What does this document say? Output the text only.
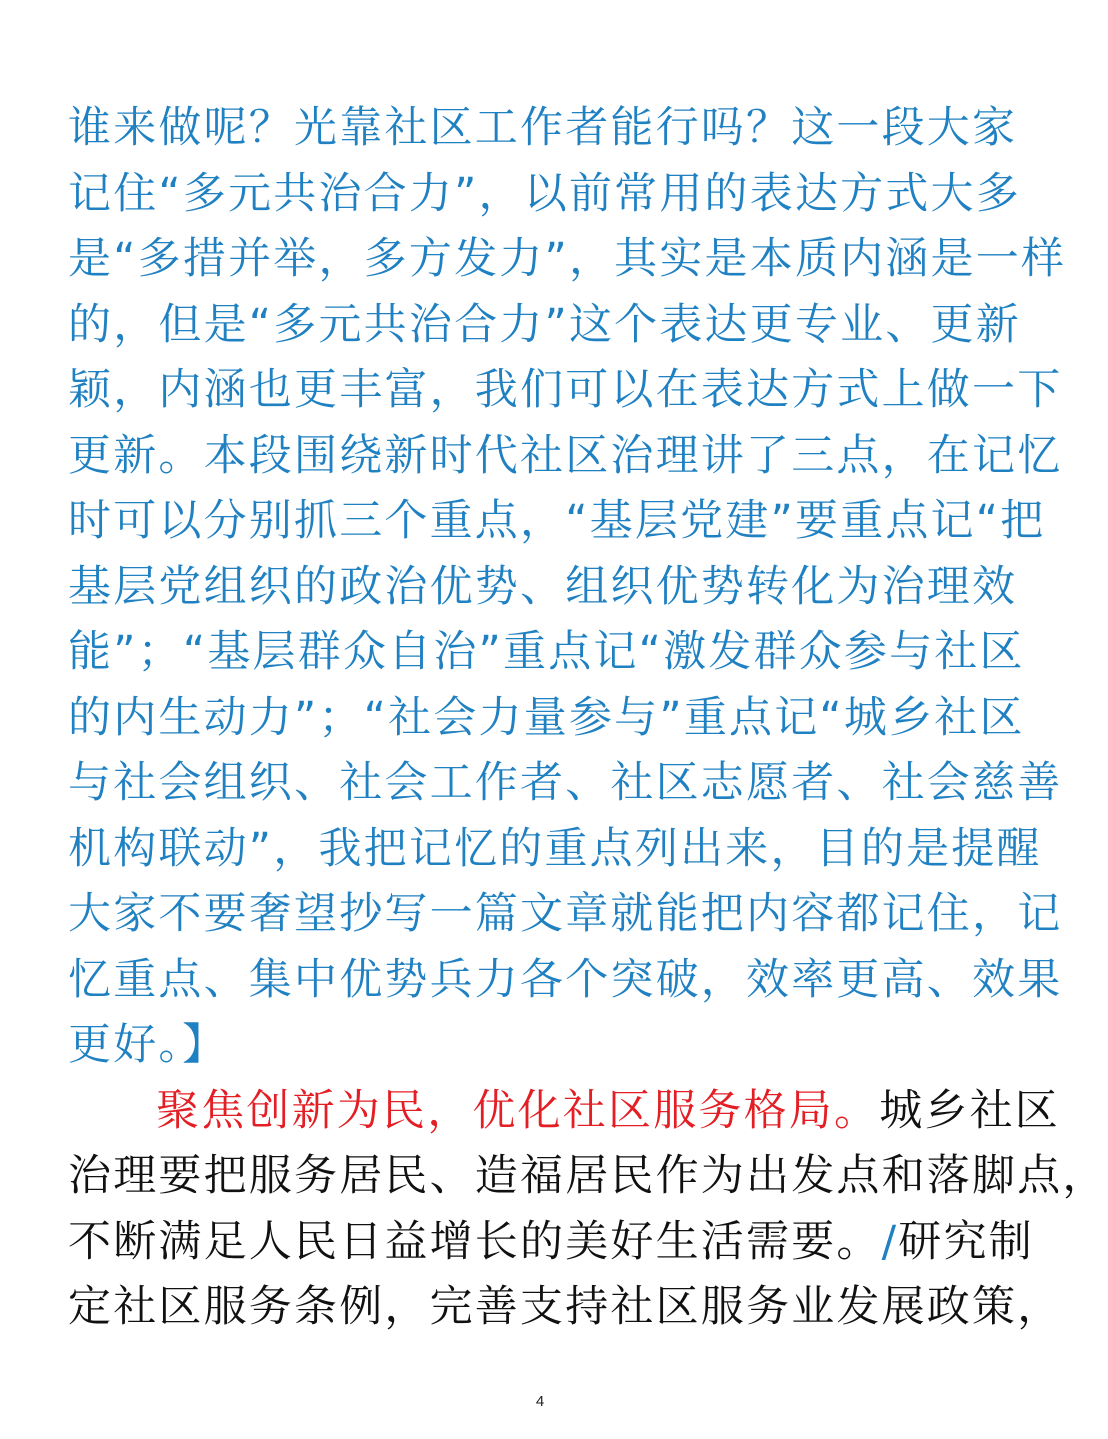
谁来做呢？光靠社区工作者能行吗？这一段大家
记住“多元共治合力”，以前常用的表达方式大多
是“多措并举，多方发力”，其实是本质内涵是一样
的，但是“多元共治合力”这个表达更专业、更新
颖，内涵也更丰富，我们可以在表达方式上做一下
更新。本段围绕新时代社区治理讲了三点，在记忆
时可以分别抓三个重点，“基层党建”要重点记“把
基层党组织的政治优势、组织优势转化为治理效
能”；“基层群众自治”重点记“激发群众参与社区
的内生动力”；“社会力量参与”重点记“城乡社区
与社会组织、社会工作者、社区志愿者、社会慈善
机构联动”，我把记忆的重点列出来，目的是提醒
大家不要奢望抄写一篇文章就能把内容都记住，记
忆重点、集中优势兵力各个突破，效率更高、效果
更好。】
聚焦创新为民，优化社区服务格局。城乡社区
治理要把服务居民、造福居民作为出发点和落脚点，
不断满足人民日益增长的美好生活需要。/研究制
定社区服务条例，完善支持社区服务业发展政策，
4
